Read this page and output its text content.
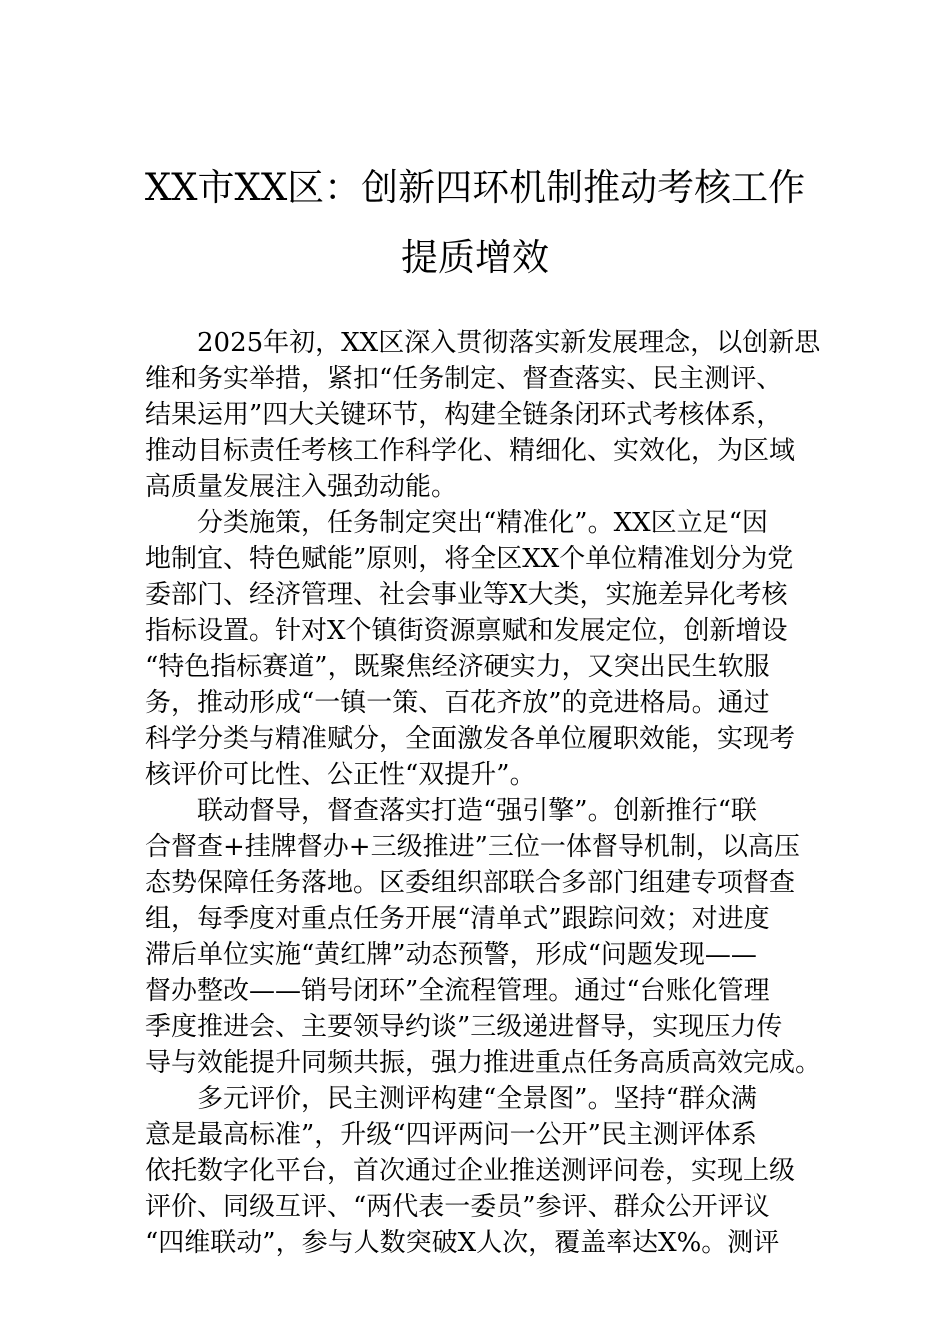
XX市XX区：创新四环机制推动考核工作
提质增效
2025年初，XX区深入贯彻落实新发展理念，以创新思
维和务实举措，紧扣“任务制定、督查落实、民主测评、
结果运用”四大关键环节，构建全链条闭环式考核体系，
推动目标责任考核工作科学化、精细化、实效化，为区域
高质量发展注入强劲动能。
分类施策，任务制定突出“精准化”。XX区立足“因
地制宜、特色赋能”原则，将全区XX个单位精准划分为党
委部门、经济管理、社会事业等X大类，实施差异化考核
指标设置。针对X个镇街资源禀赋和发展定位，创新增设
“特色指标赛道”，既聚焦经济硬实力，又突出民生软服
务，推动形成“一镇一策、百花齐放”的竞进格局。通过
科学分类与精准赋分，全面激发各单位履职效能，实现考
核评价可比性、公正性“双提升”。
联动督导，督查落实打造“强引擎”。创新推行“联
合督查+挂牌督办+三级推进”三位一体督导机制，以高压
态势保障任务落地。区委组织部联合多部门组建专项督查
组，每季度对重点任务开展“清单式”跟踪问效；对进度
滞后单位实施“黄红牌”动态预警，形成“问题发现——
督办整改——销号闭环”全流程管理。通过“台账化管理
季度推进会、主要领导约谈”三级递进督导，实现压力传
导与效能提升同频共振，强力推进重点任务高质高效完成。
多元评价，民主测评构建“全景图”。坚持“群众满
意是最高标准”，升级“四评两问一公开”民主测评体系
依托数字化平台，首次通过企业推送测评问卷，实现上级
评价、同级互评、“两代表一委员”参评、群众公开评议
“四维联动”，参与人数突破X人次，覆盖率达X%。测评
